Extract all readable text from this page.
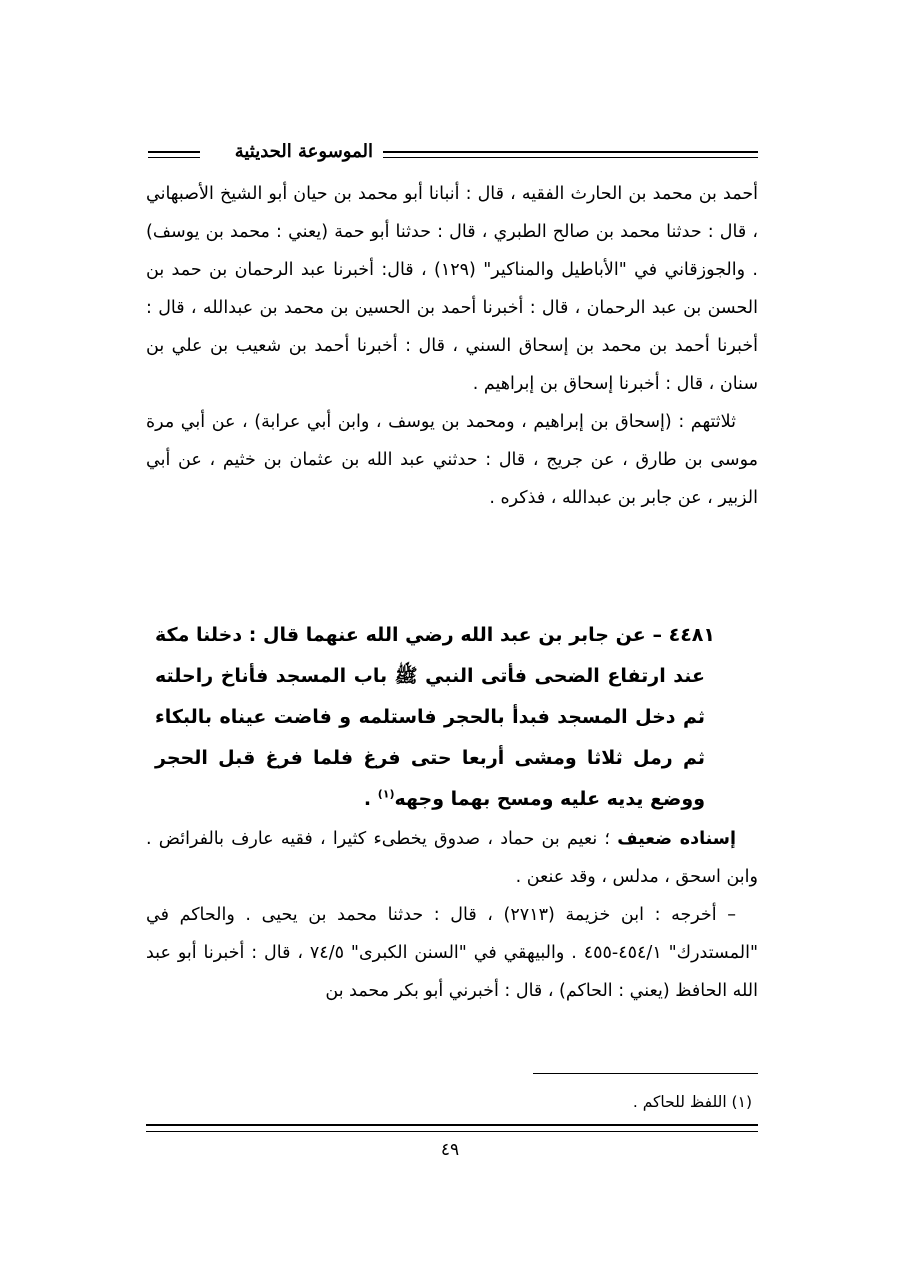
الموسوعة الحديثية

أحمد بن محمد بن الحارث الفقيه ، قال : أنبانا أبو محمد بن حيان أبو الشيخ الأصبهاني ، قال : حدثنا محمد بن صالح الطبري ، قال : حدثنا أبو حمة (يعني : محمد بن يوسف) . والجوزقاني في "الأباطيل والمناكير" (١٢٩) ، قال: أخبرنا عبد الرحمان بن حمد بن الحسن بن عبد الرحمان ، قال : أخبرنا أحمد بن الحسين بن محمد بن عبدالله ، قال : أخبرنا أحمد بن محمد بن إسحاق السني ، قال : أخبرنا أحمد بن شعيب بن علي بن سنان ، قال : أخبرنا إسحاق بن إبراهيم .

ثلاثتهم : (إسحاق بن إبراهيم ، ومحمد بن يوسف ، وابن أبي عرابة) ، عن أبي مرة موسى بن طارق ، عن جريج ، قال : حدثني عبد الله بن عثمان بن خثيم ، عن أبي الزبير ، عن جابر بن عبدالله ، فذكره .

٤٤٨١ – عن جابر بن عبد الله رضي الله عنهما قال : دخلنا مكة عند ارتفاع الضحى فأتى النبي ﷺ باب المسجد فأناخ راحلته ثم دخل المسجد فبدأ بالحجر فاستلمه و فاضت عيناه بالبكاء ثم رمل ثلاثا ومشى أربعا حتى فرغ فلما فرغ قبل الحجر ووضع يديه عليه ومسح بهما وجهه$^{(١)}$ .

إسناده ضعيف ؛ نعيم بن حماد ، صدوق يخطىء كثيرا ، فقيه عارف بالفرائض . وابن اسحق ، مدلس ، وقد عنعن .

– أخرجه : ابن خزيمة (٢٧١٣) ، قال : حدثنا محمد بن يحيى . والحاكم في "المستدرك" ٤٥٤/١-٤٥٥ . والبيهقي في "السنن الكبرى" ٧٤/٥ ، قال : أخبرنا أبو عبد الله الحافظ (يعني : الحاكم) ، قال : أخبرني أبو بكر محمد بن

(١) اللفظ للحاكم .
٤٩
